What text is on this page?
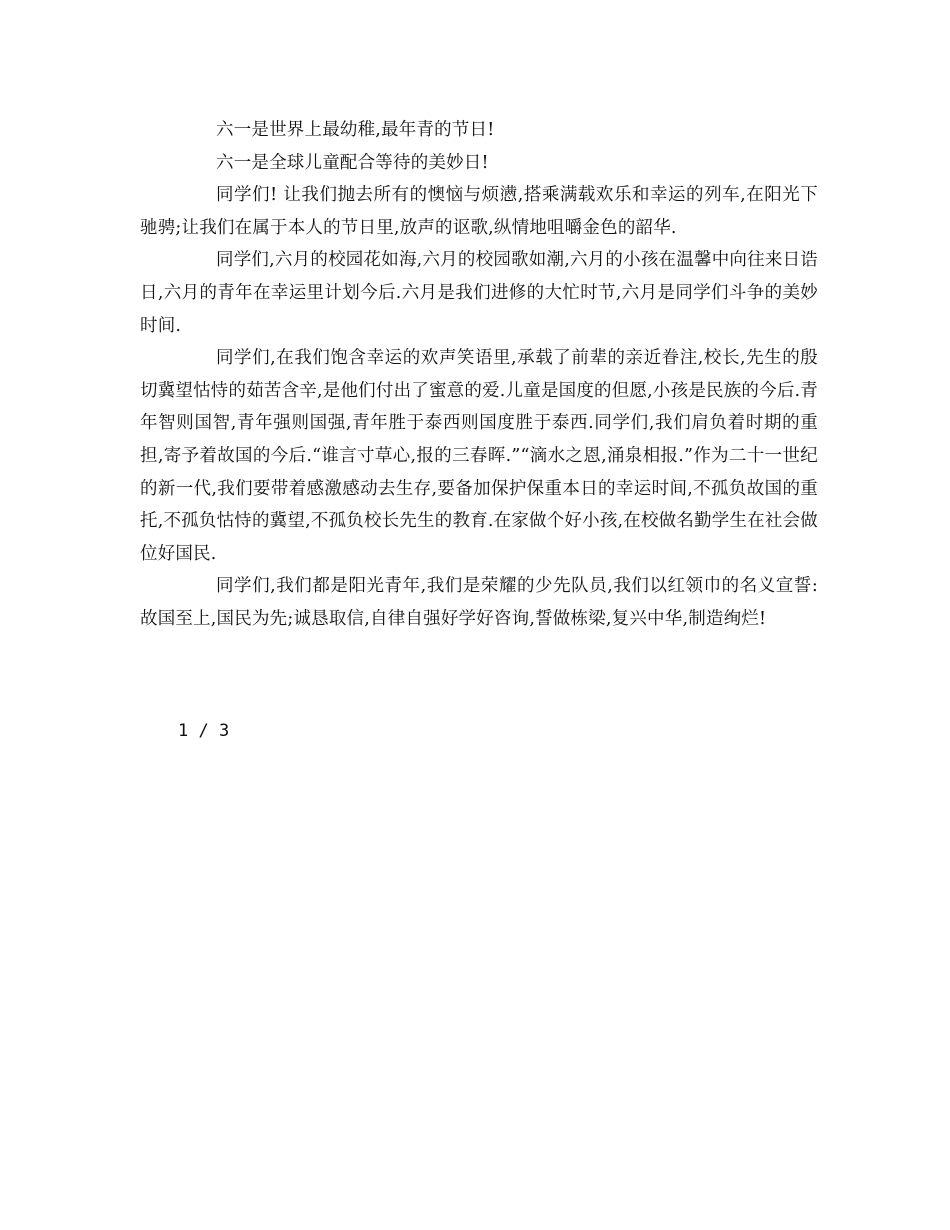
六一是世界上最幼稚,最年青的节日!

六一是全球儿童配合等待的美妙日!

同学们! 让我们抛去所有的懊恼与烦懑,搭乘满载欢乐和幸运的列车,在阳光下驰骋;让我们在属于本人的节日里,放声的讴歌,纵情地咀嚼金色的韶华.

同学们,六月的校园花如海,六月的校园歌如潮,六月的小孩在温馨中向往来日诰日,六月的青年在幸运里计划今后.六月是我们进修的大忙时节,六月是同学们斗争的美妙时间.

同学们,在我们饱含幸运的欢声笑语里,承载了前辈的亲近眷注,校长,先生的殷切冀望怙恃的茹苦含辛,是他们付出了蜜意的爱.儿童是国度的但愿,小孩是民族的今后.青年智则国智,青年强则国强,青年胜于泰西则国度胜于泰西.同学们,我们肩负着时期的重担,寄予着故国的今后.“谁言寸草心,报的三春晖.”“滴水之恩,涌泉相报.”作为二十一世纪的新一代,我们要带着感激感动去生存,要备加保护保重本日的幸运时间,不孤负故国的重托,不孤负怙恃的冀望,不孤负校长先生的教育.在家做个好小孩,在校做名勤学生在社会做位好国民.

同学们,我们都是阳光青年,我们是荣耀的少先队员,我们以红领巾的名义宣誓:故国至上,国民为先;诚恳取信,自律自强好学好咨询,誓做栋梁,复兴中华,制造绚烂!

1 / 3
